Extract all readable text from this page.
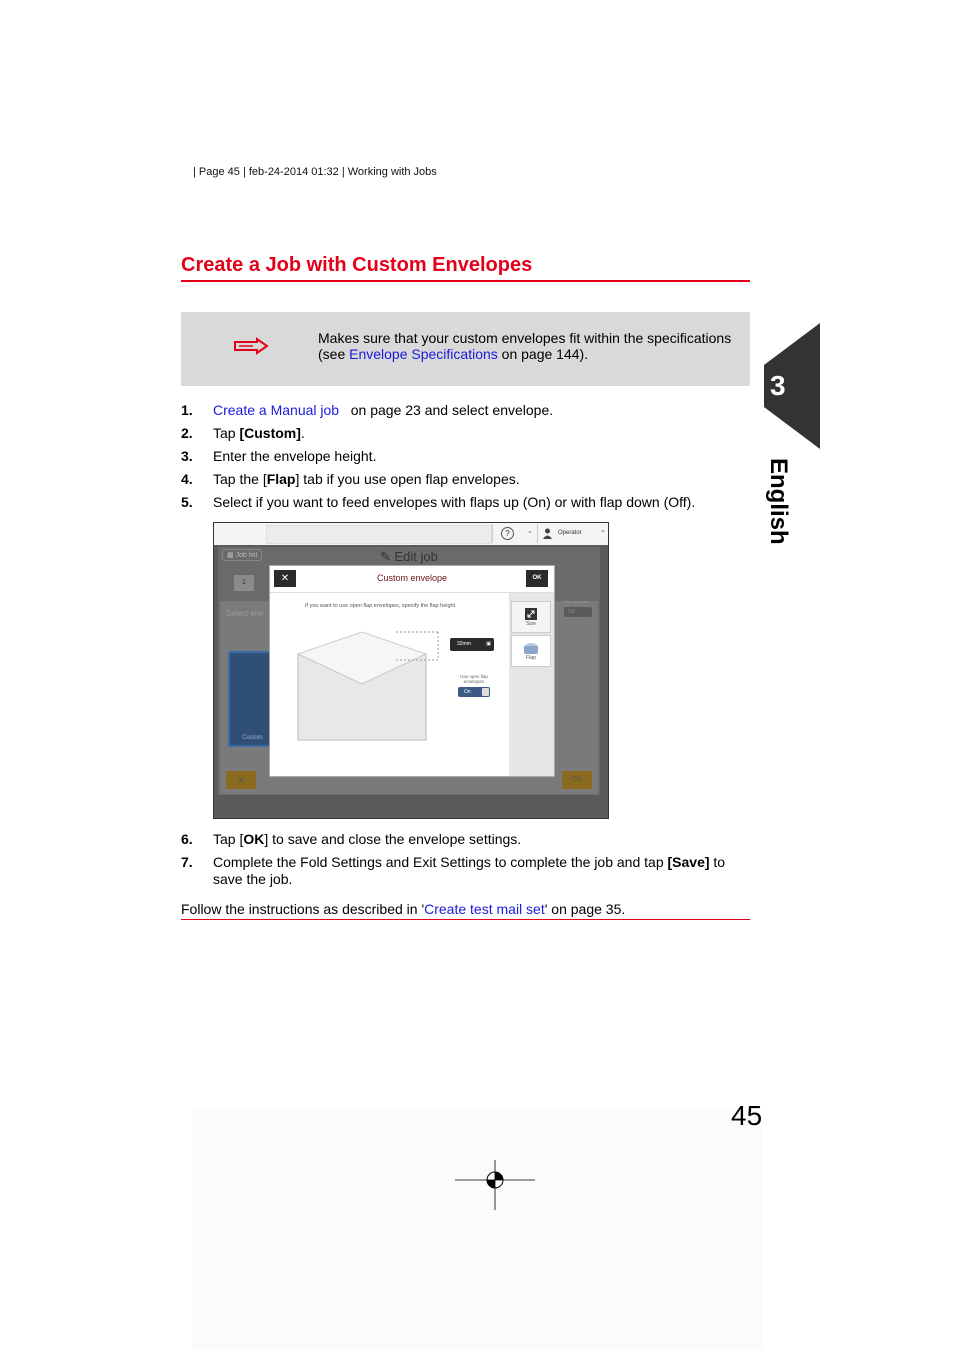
| Page 45 | feb-24-2014 01:32 | Working with Jobs
Create a Job with Custom Envelopes
Makes sure that your custom envelopes fit within the specifications (see Envelope Specifications on page 144).
1. Create a Manual job   on page 23 and select envelope.
2. Tap [Custom].
3. Enter the envelope height.
4. Tap the [Flap] tab if you use open flap envelopes.
5. Select if you want to feed envelopes with flaps up (On) or with flap down (Off).
?	⌄	Operator	⌄
▦ Job list	✎ Edit job
1
Select env
Flap up/down
Off
Custom
✕	OK
✕	Custom envelope	OK
If you want to use open flap envelopes, specify the flap height
32mm	▣
Use open flap envelopes
On
Size
Flap
6. Tap [OK] to save and close the envelope settings.
7. Complete the Fold Settings and Exit Settings to complete the job and tap [Save] to save the job.
Follow the instructions as described in 'Create test mail set' on page 35.
3
English
45
